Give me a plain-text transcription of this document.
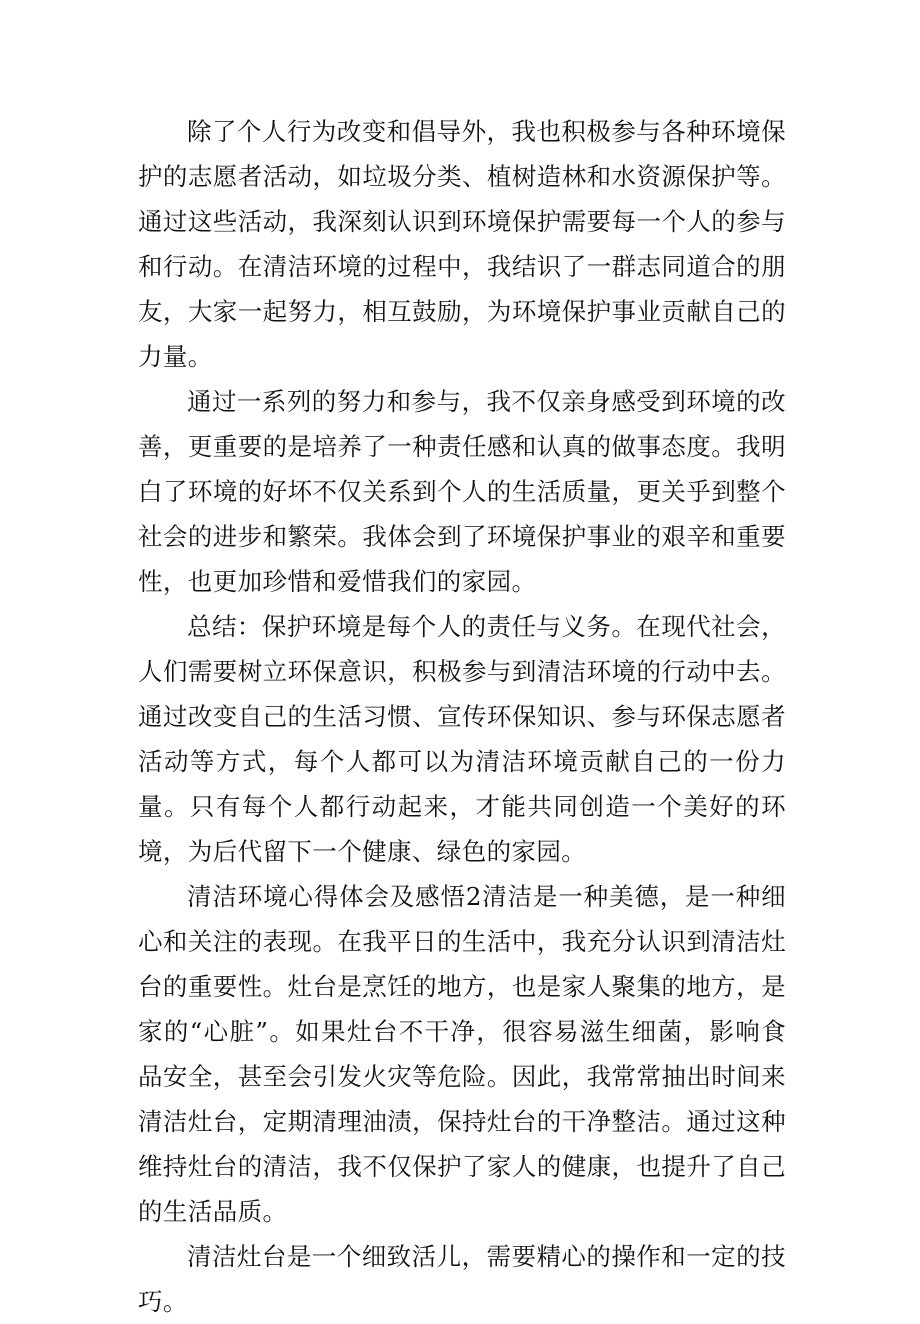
除了个人行为改变和倡导外，我也积极参与各种环境保护的志愿者活动，如垃圾分类、植树造林和水资源保护等。通过这些活动，我深刻认识到环境保护需要每一个人的参与和行动。在清洁环境的过程中，我结识了一群志同道合的朋友，大家一起努力，相互鼓励，为环境保护事业贡献自己的力量。

通过一系列的努力和参与，我不仅亲身感受到环境的改善，更重要的是培养了一种责任感和认真的做事态度。我明白了环境的好坏不仅关系到个人的生活质量，更关乎到整个社会的进步和繁荣。我体会到了环境保护事业的艰辛和重要性，也更加珍惜和爱惜我们的家园。

总结：保护环境是每个人的责任与义务。在现代社会，人们需要树立环保意识，积极参与到清洁环境的行动中去。通过改变自己的生活习惯、宣传环保知识、参与环保志愿者活动等方式，每个人都可以为清洁环境贡献自己的一份力量。只有每个人都行动起来，才能共同创造一个美好的环境，为后代留下一个健康、绿色的家园。

清洁环境心得体会及感悟2清洁是一种美德，是一种细心和关注的表现。在我平日的生活中，我充分认识到清洁灶台的重要性。灶台是烹饪的地方，也是家人聚集的地方，是家的“心脏”。如果灶台不干净，很容易滋生细菌，影响食品安全，甚至会引发火灾等危险。因此，我常常抽出时间来清洁灶台，定期清理油渍，保持灶台的干净整洁。通过这种维持灶台的清洁，我不仅保护了家人的健康，也提升了自己的生活品质。

清洁灶台是一个细致活儿，需要精心的操作和一定的技巧。
